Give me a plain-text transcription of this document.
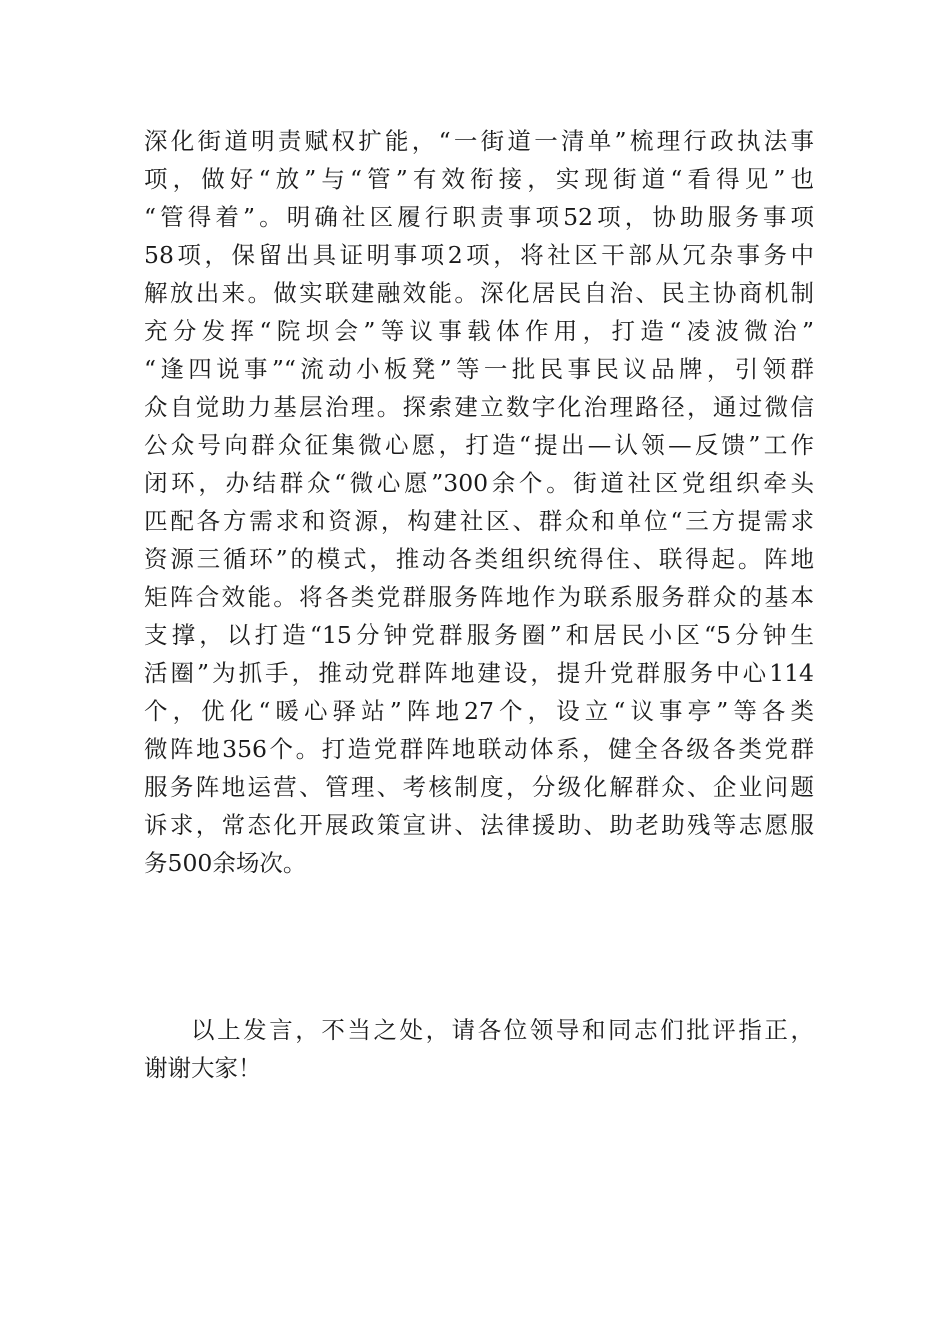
深化街道明责赋权扩能，“一街道一清单”梳理行政执法事
项，做好“放”与“管”有效衔接，实现街道“看得见”也
“管得着”。明确社区履行职责事项52项，协助服务事项
58项，保留出具证明事项2项，将社区干部从冗杂事务中
解放出来。做实联建融效能。深化居民自治、民主协商机制
充分发挥“院坝会”等议事载体作用，打造“凌波微治”
“逢四说事”“流动小板凳”等一批民事民议品牌，引领群
众自觉助力基层治理。探索建立数字化治理路径，通过微信
公众号向群众征集微心愿，打造“提出—认领—反馈”工作
闭环，办结群众“微心愿”300余个。街道社区党组织牵头
匹配各方需求和资源，构建社区、群众和单位“三方提需求
资源三循环”的模式，推动各类组织统得住、联得起。阵地
矩阵合效能。将各类党群服务阵地作为联系服务群众的基本
支撑，以打造“15分钟党群服务圈”和居民小区“5分钟生
活圈”为抓手，推动党群阵地建设，提升党群服务中心114
个，优化“暖心驿站”阵地27个，设立“议事亭”等各类
微阵地356个。打造党群阵地联动体系，健全各级各类党群
服务阵地运营、管理、考核制度，分级化解群众、企业问题
诉求，常态化开展政策宣讲、法律援助、助老助残等志愿服
务500余场次。
以上发言，不当之处，请各位领导和同志们批评指正，
谢谢大家！
